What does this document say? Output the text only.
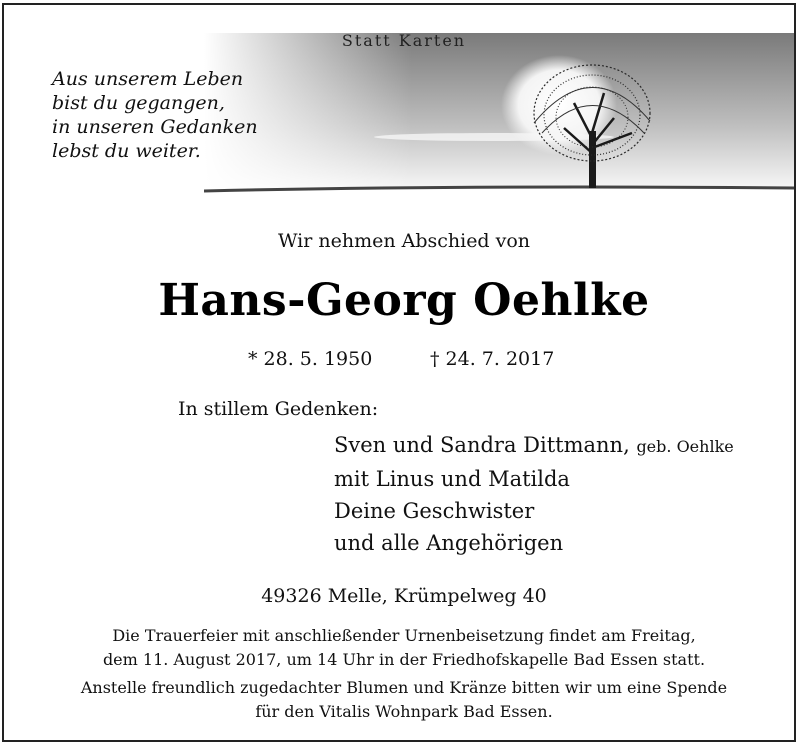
Statt Karten
Aus unserem Leben
bist du gegangen,
in unseren Gedanken
lebst du weiter.
Wir nehmen Abschied von
Hans-Georg Oehlke
* 28. 5. 1950	† 24. 7. 2017
In stillem Gedenken:
Sven und Sandra Dittmann, geb. Oehlke
mit Linus und Matilda
Deine Geschwister
und alle Angehörigen
49326 Melle, Krümpelweg 40

Die Trauerfeier mit anschließender Urnenbeisetzung findet am Freitag,

dem 11. August 2017, um 14 Uhr in der Friedhofskapelle Bad Essen statt.

Anstelle freundlich zugedachter Blumen und Kränze bitten wir um eine Spende

für den Vitalis Wohnpark Bad Essen.
